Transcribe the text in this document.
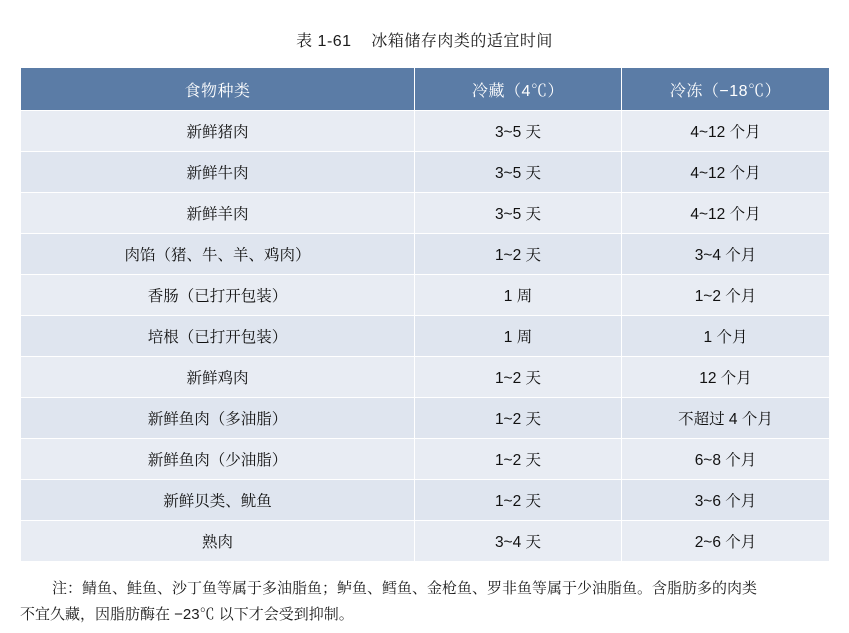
表 1-61    冰箱储存肉类的适宜时间
食物种类	冷藏（4℃）	冷冻（−18℃）
新鲜猪肉	3~5 天	4~12 个月
新鲜牛肉	3~5 天	4~12 个月
新鲜羊肉	3~5 天	4~12 个月
肉馅（猪、牛、羊、鸡肉）	1~2 天	3~4 个月
香肠（已打开包装）	1 周	1~2 个月
培根（已打开包装）	1 周	1 个月
新鲜鸡肉	1~2 天	12 个月
新鲜鱼肉（多油脂）	1~2 天	不超过 4 个月
新鲜鱼肉（少油脂）	1~2 天	6~8 个月
新鲜贝类、鱿鱼	1~2 天	3~6 个月
熟肉	3~4 天	2~6 个月
注：鲭鱼、鲑鱼、沙丁鱼等属于多油脂鱼；鲈鱼、鳕鱼、金枪鱼、罗非鱼等属于少油脂鱼。含脂肪多的肉类
不宜久藏，因脂肪酶在 −23℃ 以下才会受到抑制。
